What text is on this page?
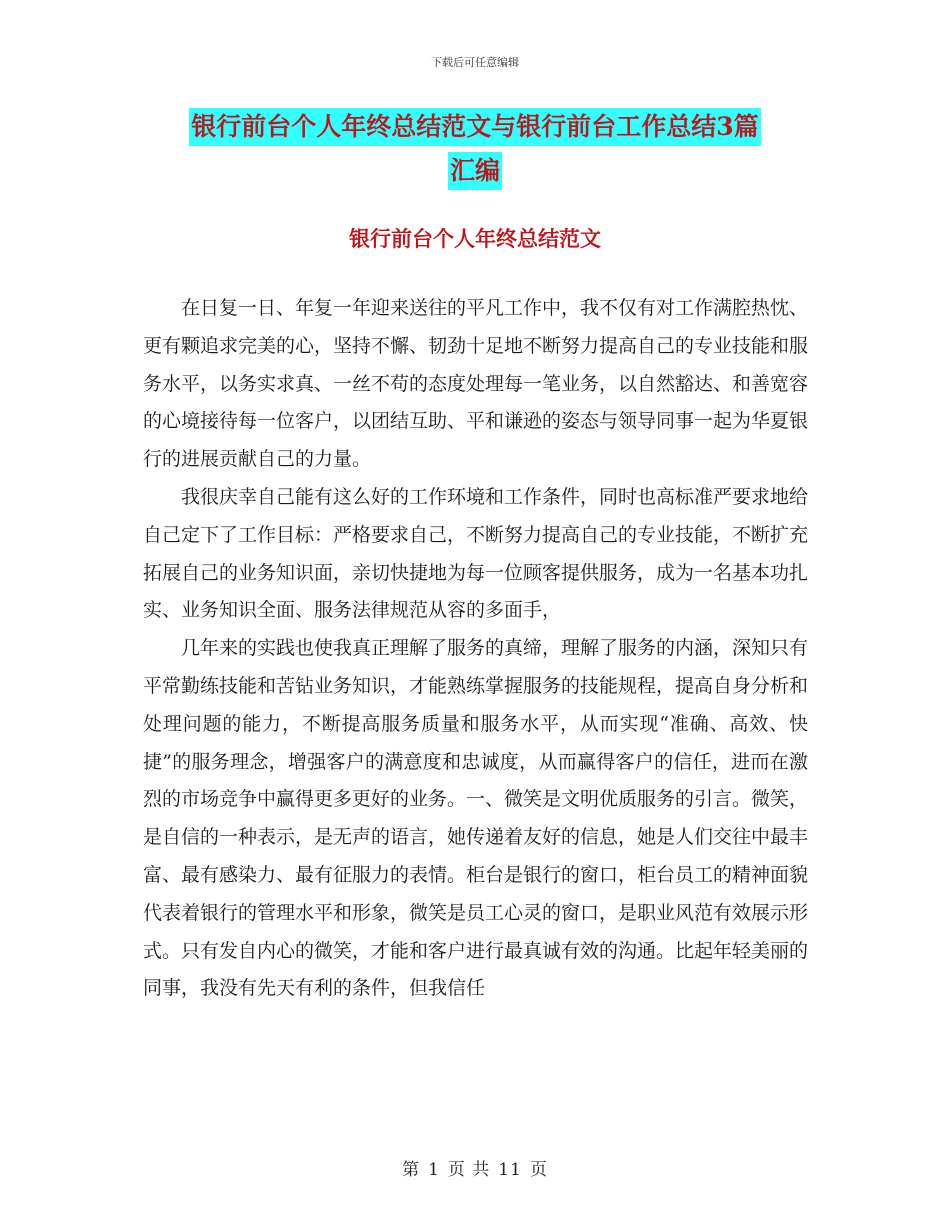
下载后可任意编辑
银行前台个人年终总结范文与银行前台工作总结3篇
汇编
银行前台个人年终总结范文

在日复一日、年复一年迎来送往的平凡工作中，我不仅有对工作满腔热忱、更有颗追求完美的心，坚持不懈、韧劲十足地不断努力提高自己的专业技能和服务水平，以务实求真、一丝不苟的态度处理每一笔业务，以自然豁达、和善宽容的心境接待每一位客户，以团结互助、平和谦逊的姿态与领导同事一起为华夏银行的进展贡献自己的力量。

我很庆幸自己能有这么好的工作环境和工作条件，同时也高标准严要求地给自己定下了工作目标：严格要求自己，不断努力提高自己的专业技能，不断扩充拓展自己的业务知识面，亲切快捷地为每一位顾客提供服务，成为一名基本功扎实、业务知识全面、服务法律规范从容的多面手，

几年来的实践也使我真正理解了服务的真缔，理解了服务的内涵，深知只有平常勤练技能和苦钻业务知识，才能熟练掌握服务的技能规程，提高自身分析和处理问题的能力，不断提高服务质量和服务水平，从而实现“准确、高效、快捷”的服务理念，增强客户的满意度和忠诚度，从而赢得客户的信任，进而在激烈的市场竞争中赢得更多更好的业务。一、微笑是文明优质服务的引言。微笑，是自信的一种表示，是无声的语言，她传递着友好的信息，她是人们交往中最丰富、最有感染力、最有征服力的表情。柜台是银行的窗口，柜台员工的精神面貌代表着银行的管理水平和形象，微笑是员工心灵的窗口，是职业风范有效展示形式。只有发自内心的微笑，才能和客户进行最真诚有效的沟通。比起年轻美丽的同事，我没有先天有利的条件，但我信任

第 1 页 共 11 页
